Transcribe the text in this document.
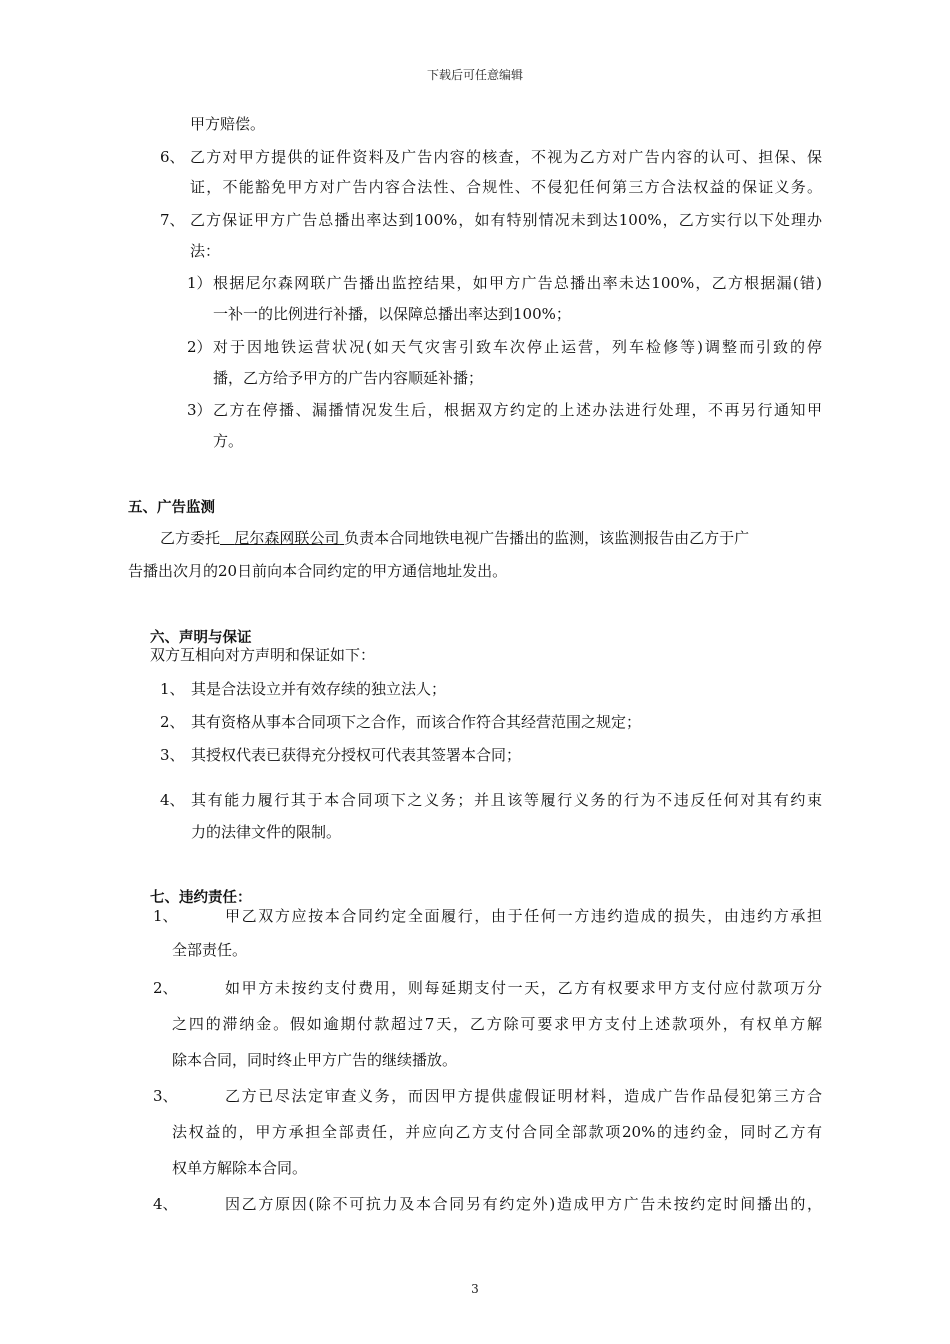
下载后可任意编辑
甲方赔偿。
6、 乙方对甲方提供的证件资料及广告内容的核查，不视为乙方对广告内容的认可、担保、保
证，不能豁免甲方对广告内容合法性、合规性、不侵犯任何第三方合法权益的保证义务。
7、 乙方保证甲方广告总播出率达到100%，如有特别情况未到达100%，乙方实行以下处理办
法：
1） 根据尼尔森网联广告播出监控结果，如甲方广告总播出率未达100%，乙方根据漏(错)
一补一的比例进行补播，以保障总播出率达到100%；
2） 对于因地铁运营状况(如天气灾害引致车次停止运营，列车检修等)调整而引致的停
播，乙方给予甲方的广告内容顺延补播；
3） 乙方在停播、漏播情况发生后，根据双方约定的上述办法进行处理，不再另行通知甲
方。
五、广告监测
乙方委托 尼尔森网联公司 负责本合同地铁电视广告播出的监测，该监测报告由乙方于广
告播出次月的20日前向本合同约定的甲方通信地址发出。
六、声明与保证
双方互相向对方声明和保证如下：
1、 其是合法设立并有效存续的独立法人；
2、 其有资格从事本合同项下之合作，而该合作符合其经营范围之规定；
3、 其授权代表已获得充分授权可代表其签署本合同；
4、 其有能力履行其于本合同项下之义务；并且该等履行义务的行为不违反任何对其有约束
力的法律文件的限制。
七、违约责任：
1、	甲乙双方应按本合同约定全面履行，由于任何一方违约造成的损失，由违约方承担
全部责任。
2、	如甲方未按约支付费用，则每延期支付一天，乙方有权要求甲方支付应付款项万分
之四的滞纳金。假如逾期付款超过7天，乙方除可要求甲方支付上述款项外，有权单方解
除本合同，同时终止甲方广告的继续播放。
3、	乙方已尽法定审查义务，而因甲方提供虚假证明材料，造成广告作品侵犯第三方合
法权益的，甲方承担全部责任，并应向乙方支付合同全部款项20%的违约金，同时乙方有
权单方解除本合同。
4、	因乙方原因(除不可抗力及本合同另有约定外)造成甲方广告未按约定时间播出的，
3
